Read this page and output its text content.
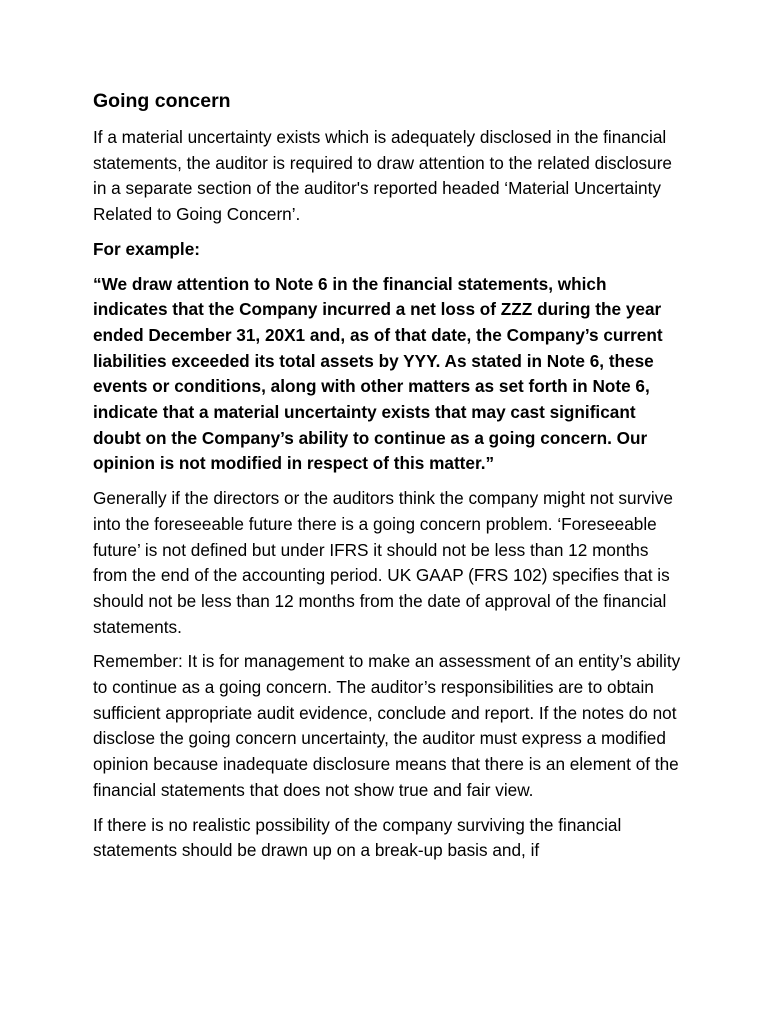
Going concern

If a material uncertainty exists which is adequately disclosed in the financial statements, the auditor is required to draw attention to the related disclosure in a separate section of the auditor's reported headed ‘Material Uncertainty Related to Going Concern’.

For example:

“We draw attention to Note 6 in the financial statements, which indicates that the Company incurred a net loss of ZZZ during the year ended December 31, 20X1 and, as of that date, the Company’s current liabilities exceeded its total assets by YYY. As stated in Note 6, these events or conditions, along with other matters as set forth in Note 6, indicate that a material uncertainty exists that may cast significant doubt on the Company’s ability to continue as a going concern. Our opinion is not modified in respect of this matter.”

Generally if the directors or the auditors think the company might not survive into the foreseeable future there is a going concern problem. ‘Foreseeable future’ is not defined but under IFRS it should not be less than 12 months from the end of the accounting period. UK GAAP (FRS 102) specifies that is should not be less than 12 months from the date of approval of the financial statements.

Remember: It is for management to make an assessment of an entity’s ability to continue as a going concern. The auditor’s responsibilities are to obtain sufficient appropriate audit evidence, conclude and report. If the notes do not disclose the going concern uncertainty, the auditor must express a modified opinion because inadequate disclosure means that there is an element of the financial statements that does not show true and fair view.

If there is no realistic possibility of the company surviving the financial statements should be drawn up on a break-up basis and, if
